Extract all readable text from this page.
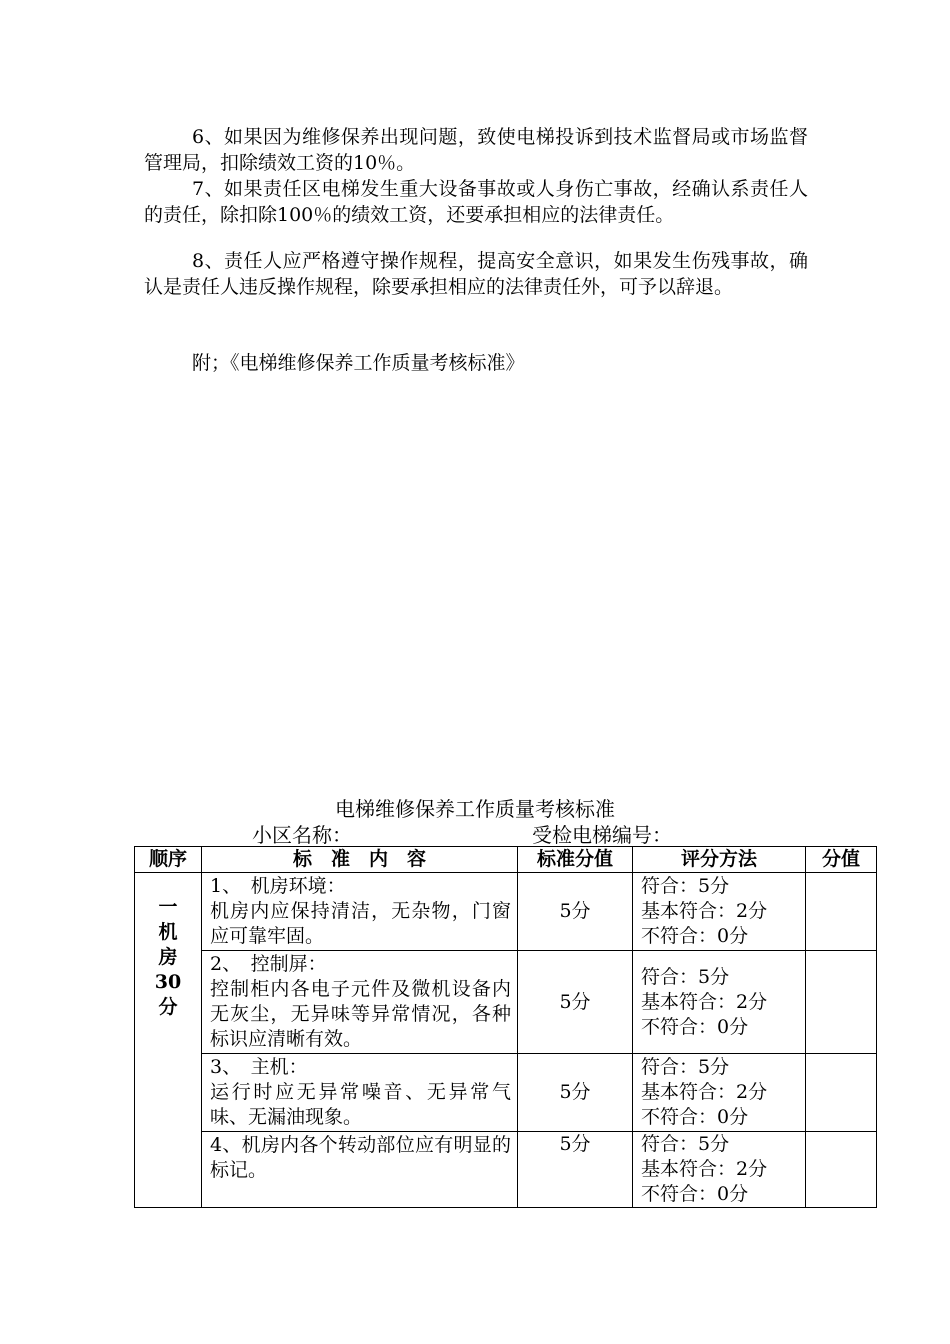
6、如果因为维修保养出现问题，致使电梯投诉到技术监督局或市场监督管理局，扣除绩效工资的10％。

7、如果责任区电梯发生重大设备事故或人身伤亡事故，经确认系责任人的责任，除扣除100％的绩效工资，还要承担相应的法律责任。

8、责任人应严格遵守操作规程，提高安全意识，如果发生伤残事故，确认是责任人违反操作规程，除要承担相应的法律责任外，可予以辞退。

附；《电梯维修保养工作质量考核标准》

电梯维修保养工作质量考核标准
小区名称：	受检电梯编号：
顺序	标　准　内　容	标准分值	评分方法	分值

一
机
房
30
分	1、　机房环境：
机房内应保持清洁，无杂物，门窗应可靠牢固。	5分	符合：5分
基本符合：2分
不符合：0分	

	2、　控制屏：
控制柜内各电子元件及微机设备内无灰尘，无异味等异常情况，各种标识应清晰有效。	5分	符合：5分
基本符合：2分
不符合：0分	

	3、　主机：
运行时应无异常噪音、无异常气味、无漏油现象。	5分	符合：5分
基本符合：2分
不符合：0分	

	4、机房内各个转动部位应有明显的标记。	5分	符合：5分
基本符合：2分
不符合：0分	
